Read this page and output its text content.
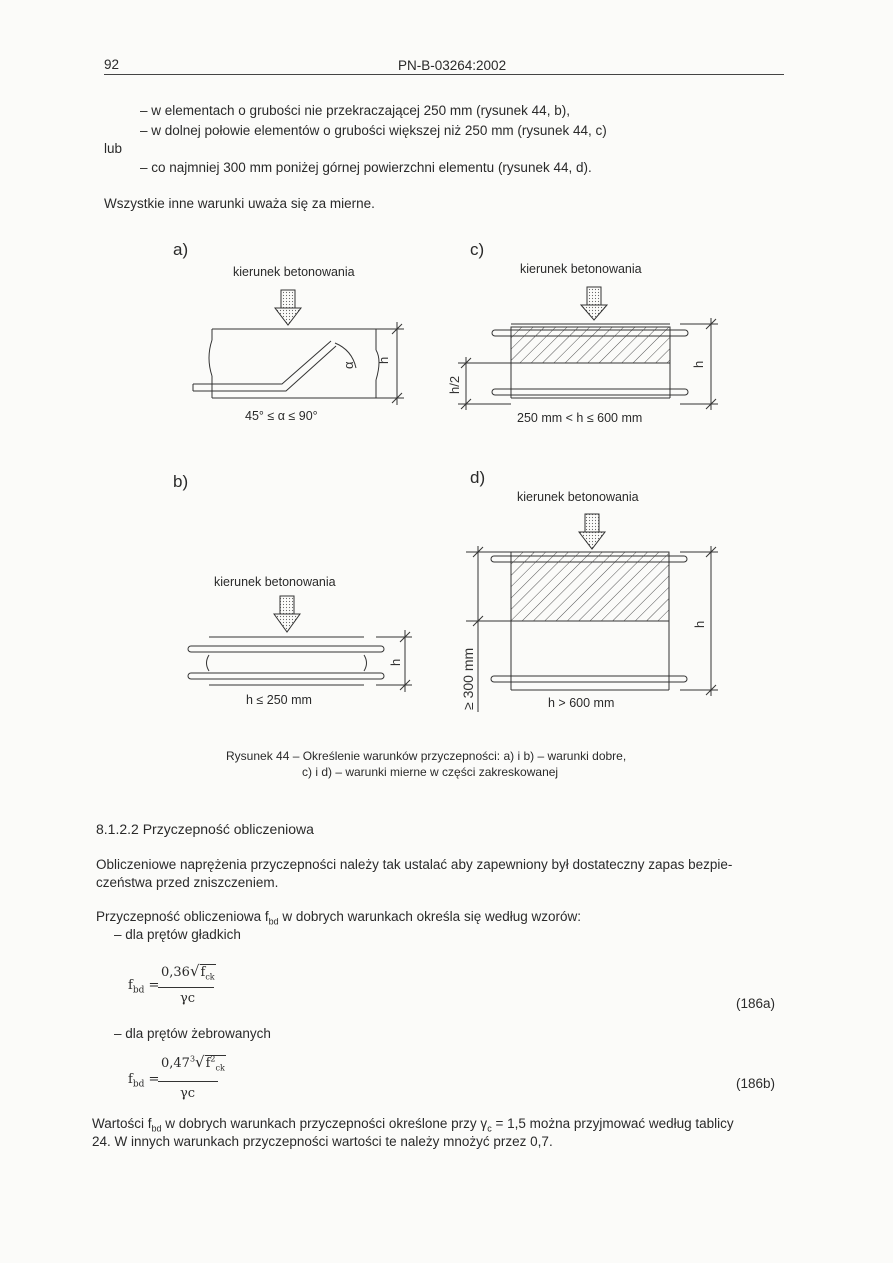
92	PN-B-03264:2002
– w elementach o grubości nie przekraczającej 250 mm (rysunek 44, b),
– w dolnej połowie elementów o grubości większej niż 250 mm (rysunek 44, c)
lub
– co najmniej 300 mm poniżej górnej powierzchni elementu (rysunek 44, d).
Wszystkie inne warunki uważa się za mierne.
a)
kierunek betonowania
45° ≤ α ≤ 90°
c)
kierunek betonowania
250 mm < h ≤ 600 mm
b)
kierunek betonowania
h ≤ 250 mm
d)
kierunek betonowania
h > 600 mm
α
h
h
h/2
h
h
≥ 300 mm
Rysunek 44 – Określenie warunków przyczepności: a) i b) – warunki dobre,
c) i d) – warunki mierne w części zakreskowanej
8.1.2.2 Przyczepność obliczeniowa
Obliczeniowe naprężenia przyczepności należy tak ustalać aby zapewniony był dostateczny zapas bezpie-
czeństwa przed zniszczeniem.
Przyczepność obliczeniowa $f_{bd}$ w dobrych warunkach określa się według wzorów:
– dla prętów gładkich
$f_{bd}$ =
$0,36√f_{ck}$
γc	(186a)
– dla prętów żebrowanych
$f_{bd}$ =
$0,47^3√f^2_{ck}$
γc
(186b)
Wartości $f_{bd}$ w dobrych warunkach przyczepności określone przy $\gamma_c = 1,5$ można przyjmować według tablicy
24. W innych warunkach przyczepności wartości te należy mnożyć przez 0,7.
